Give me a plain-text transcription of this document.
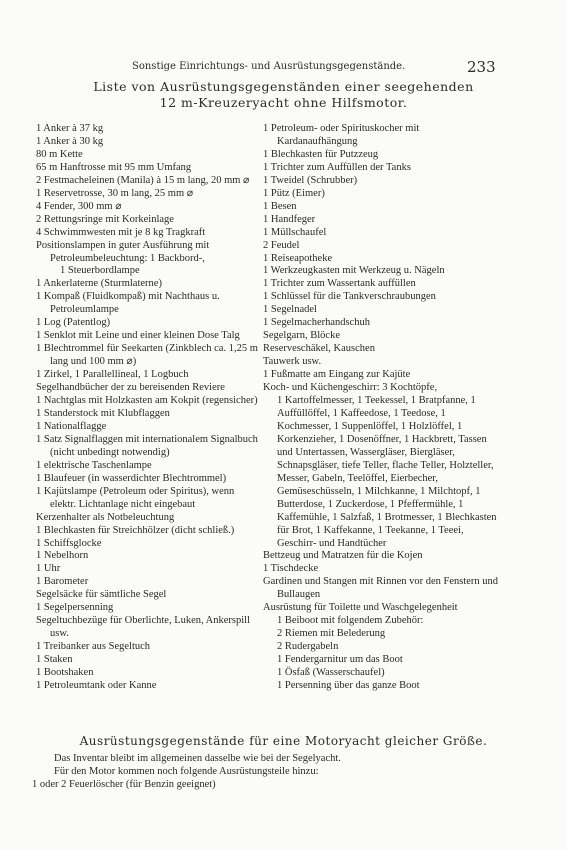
Sonstige Einrichtungs- und Ausrüstungsgegenstände.	233
Liste von Ausrüstungsgegenständen einer seegehenden
12 m-Kreuzeryacht ohne Hilfsmotor.
1 Anker à 37 kg
1 Anker à 30 kg
80 m Kette
65 m Hanftrosse mit 95 mm Umfang
2 Festmacheleinen (Manila) à 15 m lang, 20 mm ⌀
1 Reservetrosse, 30 m lang, 25 mm ⌀
4 Fender, 300 mm ⌀
2 Rettungsringe mit Korkeinlage
4 Schwimmwesten mit je 8 kg Tragkraft
Positionslampen in guter Ausführung mit Petroleumbeleuchtung: 1 Backbord-,
1 Steuerbordlampe
1 Ankerlaterne (Sturmlaterne)
1 Kompaß (Fluidkompaß) mit Nachthaus u. Petroleumlampe
1 Log (Patentlog)
1 Senklot mit Leine und einer kleinen Dose Talg
1 Blechtrommel für Seekarten (Zinkblech ca. 1,25 m lang und 100 mm ⌀)
1 Zirkel, 1 Parallellineal, 1 Logbuch
Segelhandbücher der zu bereisenden Reviere
1 Nachtglas mit Holzkasten am Kokpit (regensicher)
1 Standerstock mit Klubflaggen
1 Nationalflagge
1 Satz Signalflaggen mit internationalem Signalbuch (nicht unbedingt notwendig)
1 elektrische Taschenlampe
1 Blaufeuer (in wasserdichter Blechtrommel)
1 Kajütslampe (Petroleum oder Spiritus), wenn elektr. Lichtanlage nicht eingebaut
Kerzenhalter als Notbeleuchtung
1 Blechkasten für Streichhölzer (dicht schließ.)
1 Schiffsglocke
1 Nebelhorn
1 Uhr
1 Barometer
Segelsäcke für sämtliche Segel
1 Segelpersenning
Segeltuchbezüge für Oberlichte, Luken, Ankerspill usw.
1 Treibanker aus Segeltuch
1 Staken
1 Bootshaken
1 Petroleumtank oder Kanne
1 Petroleum- oder Spirituskocher mit Kardanaufhängung
1 Blechkasten für Putzzeug
1 Trichter zum Auffüllen der Tanks
1 Tweidel (Schrubber)
1 Pütz (Eimer)
1 Besen
1 Handfeger
1 Müllschaufel
2 Feudel
1 Reiseapotheke
1 Werkzeugkasten mit Werkzeug u. Nägeln
1 Trichter zum Wassertank auffüllen
1 Schlüssel für die Tankverschraubungen
1 Segelnadel
1 Segelmacherhandschuh
Segelgarn, Blöcke
Reserveschäkel, Kauschen
Tauwerk usw.
1 Fußmatte am Eingang zur Kajüte
Koch- und Küchengeschirr: 3 Kochtöpfe,
1 Kartoffelmesser, 1 Teekessel, 1 Bratpfanne, 1 Auffüllöffel, 1 Kaffeedose, 1 Teedose, 1 Kochmesser, 1 Suppenlöffel, 1 Holzlöffel, 1 Korkenzieher, 1 Dosenöffner, 1 Hackbrett, Tassen und Untertassen, Wassergläser, Biergläser, Schnapsgläser, tiefe Teller, flache Teller, Holzteller, Messer, Gabeln, Teelöffel, Eierbecher, Gemüseschüsseln, 1 Milchkanne, 1 Milchtopf, 1 Butterdose, 1 Zuckerdose, 1 Pfeffermühle, 1 Kaffemühle, 1 Salzfaß, 1 Brotmesser, 1 Blechkasten für Brot, 1 Kaffekanne, 1 Teekanne, 1 Teeei, Geschirr- und Handtücher
Bettzeug und Matratzen für die Kojen
1 Tischdecke
Gardinen und Stangen mit Rinnen vor den Fenstern und Bullaugen
Ausrüstung für Toilette und Waschgelegenheit
1 Beiboot mit folgendem Zubehör:
2 Riemen mit Belederung
2 Rudergabeln
1 Fendergarnitur um das Boot
1 Ösfaß (Wasserschaufel)
1 Persenning über das ganze Boot
Ausrüstungsgegenstände für eine Motoryacht gleicher Größe.

Das Inventar bleibt im allgemeinen dasselbe wie bei der Segelyacht.

Für den Motor kommen noch folgende Ausrüstungsteile hinzu:

1 oder 2 Feuerlöscher (für Benzin geeignet)
